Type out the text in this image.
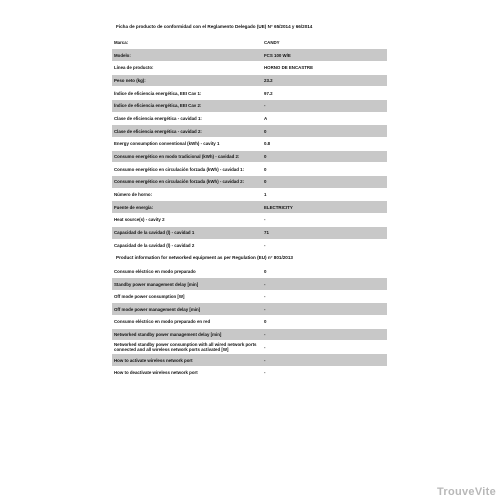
Ficha de producto de conformidad con el Reglamento Delegado (UE) N° 65/2014 y 66/2014
Marca:	CANDY
Modelo:	FCS 100 W/E
Línea de producto:	HORNO DE ENCASTRE
Peso neto (kg):	23.2
Índice de eficiencia energética, EEI Cav 1:	97.2
Índice de eficiencia energética, EEI Cav 2:	-
Clase de eficiencia energética - cavidad 1:	A
Clase de eficiencia energética - cavidad 2:	0
Energy consumption conventional (kWh) - cavity 1	0.8
Consumo energético en modo tradicional (kWh) - cavidad 2:	0
Consumo energético en circulación forzada (kWh) - cavidad 1:	0
Consumo energético en circulación forzada (kWh) - cavidad 2:	0
Número de horno:	1
Fuente de energía:	ELECTRICITY
Heat source(s) - cavity 2	-
Capacidad de la cavidad (l) - cavidad 1	71
Capacidad de la cavidad (l) - cavidad 2	-
Product information for networked equipment as per Regulation (EU) n° 801/2013
Consumo eléctrico en modo preparado	0
Standby power management delay [min]	-
Off mode power consumption [W]	-
Off mode power management delay [min]	-
Consumo eléctrico en modo preparado en red	0
Networked standby power management delay [min]	-
Networked standby power consumption with all wired network ports connected and all wireless network ports activated [W]	-
How to activate wireless network port	-
How to deactivate wireless network port	-
TrouveVite
